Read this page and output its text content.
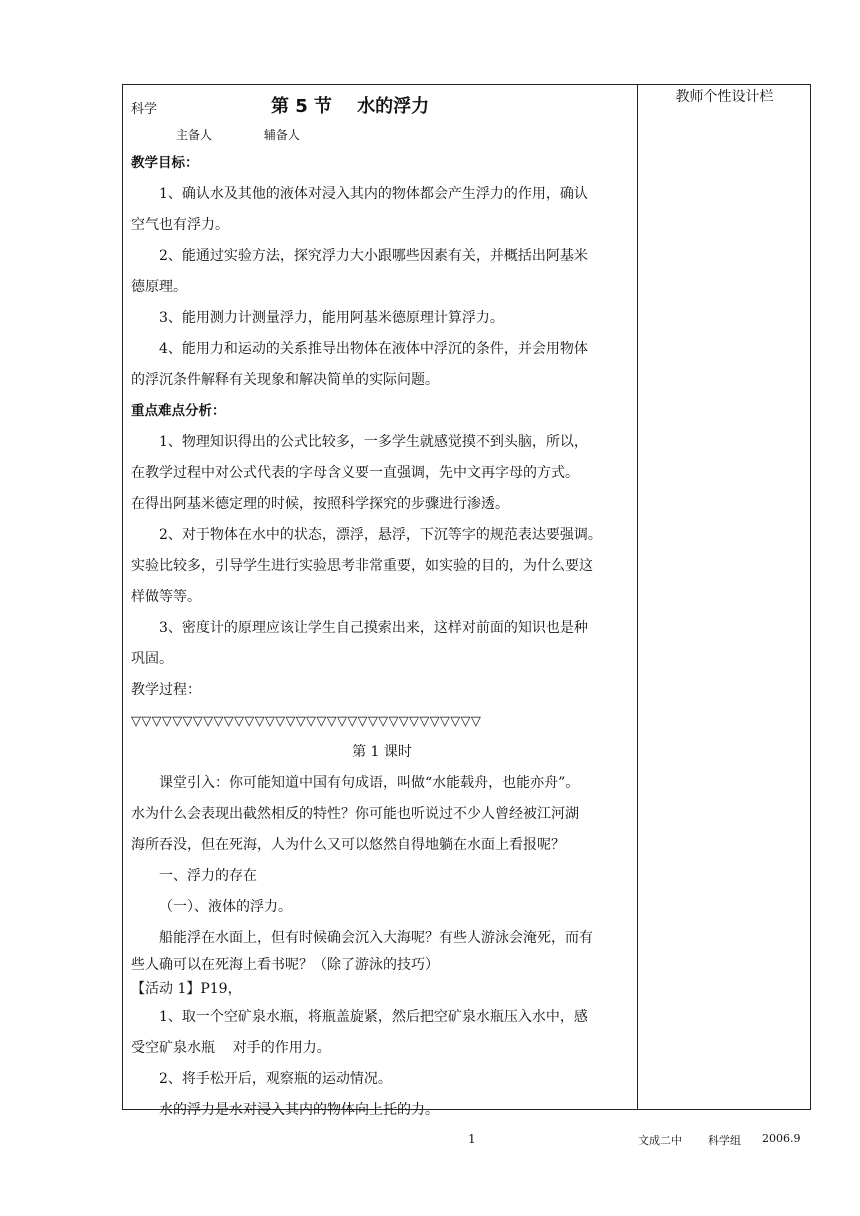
教师个性设计栏
科学	第 5 节    水的浮力
主备人	辅备人
教学目标：
1、确认水及其他的液体对浸入其内的物体都会产生浮力的作用，确认
空气也有浮力。
2、能通过实验方法，探究浮力大小跟哪些因素有关，并概括出阿基米
德原理。
3、能用测力计测量浮力，能用阿基米德原理计算浮力。
4、能用力和运动的关系推导出物体在液体中浮沉的条件，并会用物体
的浮沉条件解释有关现象和解决简单的实际问题。
重点难点分析：
1、物理知识得出的公式比较多，一多学生就感觉摸不到头脑，所以，
在教学过程中对公式代表的字母含义要一直强调，先中文再字母的方式。
在得出阿基米德定理的时候，按照科学探究的步骤进行渗透。
2、对于物体在水中的状态，漂浮，悬浮，下沉等字的规范表达要强调。
实验比较多，引导学生进行实验思考非常重要，如实验的目的，为什么要这
样做等等。
3、密度计的原理应该让学生自己摸索出来，这样对前面的知识也是种
巩固。
教学过程：
▽▽▽▽▽▽▽▽▽▽▽▽▽▽▽▽▽▽▽▽▽▽▽▽▽▽▽▽▽▽▽▽▽▽
第 1 课时
课堂引入：你可能知道中国有句成语，叫做“水能载舟，也能亦舟”。
水为什么会表现出截然相反的特性？你可能也听说过不少人曾经被江河湖
海所吞没，但在死海，人为什么又可以悠然自得地躺在水面上看报呢？
一、浮力的存在
（一）、液体的浮力。
船能浮在水面上，但有时候确会沉入大海呢？有些人游泳会淹死，而有
些人确可以在死海上看书呢？（除了游泳的技巧）
【活动 1】P19，
1、取一个空矿泉水瓶，将瓶盖旋紧，然后把空矿泉水瓶压入水中，感
受空矿泉水瓶    对手的作用力。
2、将手松开后，观察瓶的运动情况。
水的浮力是水对浸入其内的物体向上托的力。
1	文成二中 科学组 2006.9
